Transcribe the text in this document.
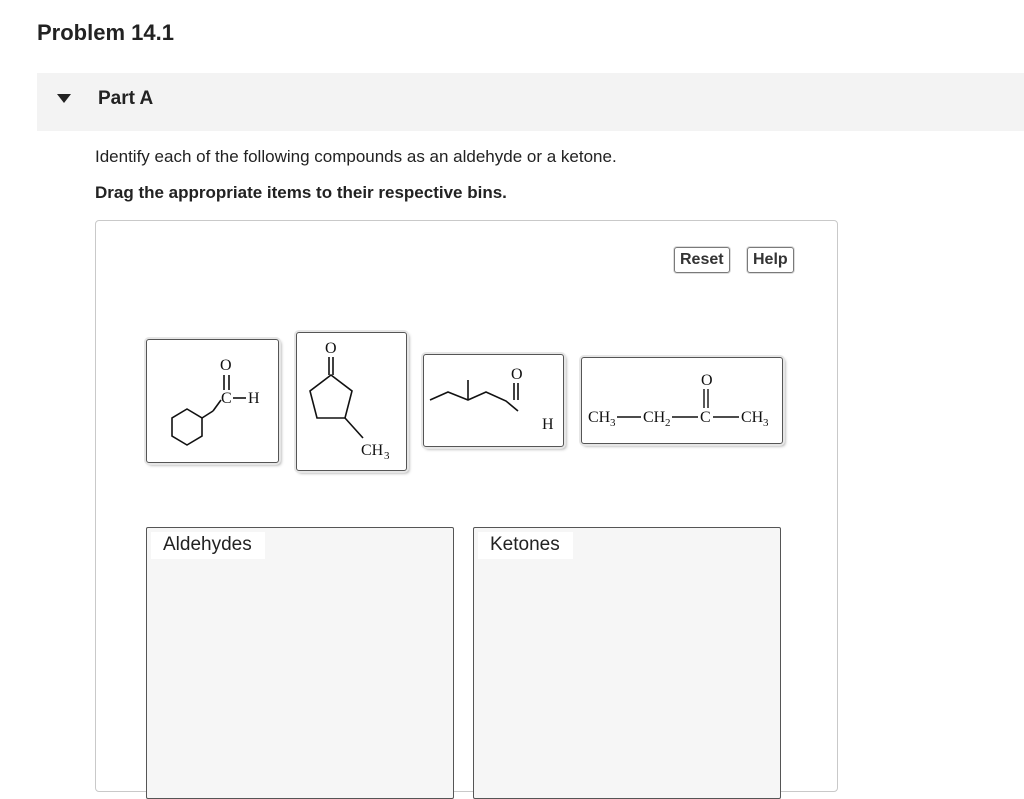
Problem 14.1
Part A
Identify each of the following compounds as an aldehyde or a ketone.
Drag the appropriate items to their respective bins.
Reset	Help
O
C H
O
CH 3
O
H CH 3 CH 2 C
O
CH 3
Aldehydes	Ketones
